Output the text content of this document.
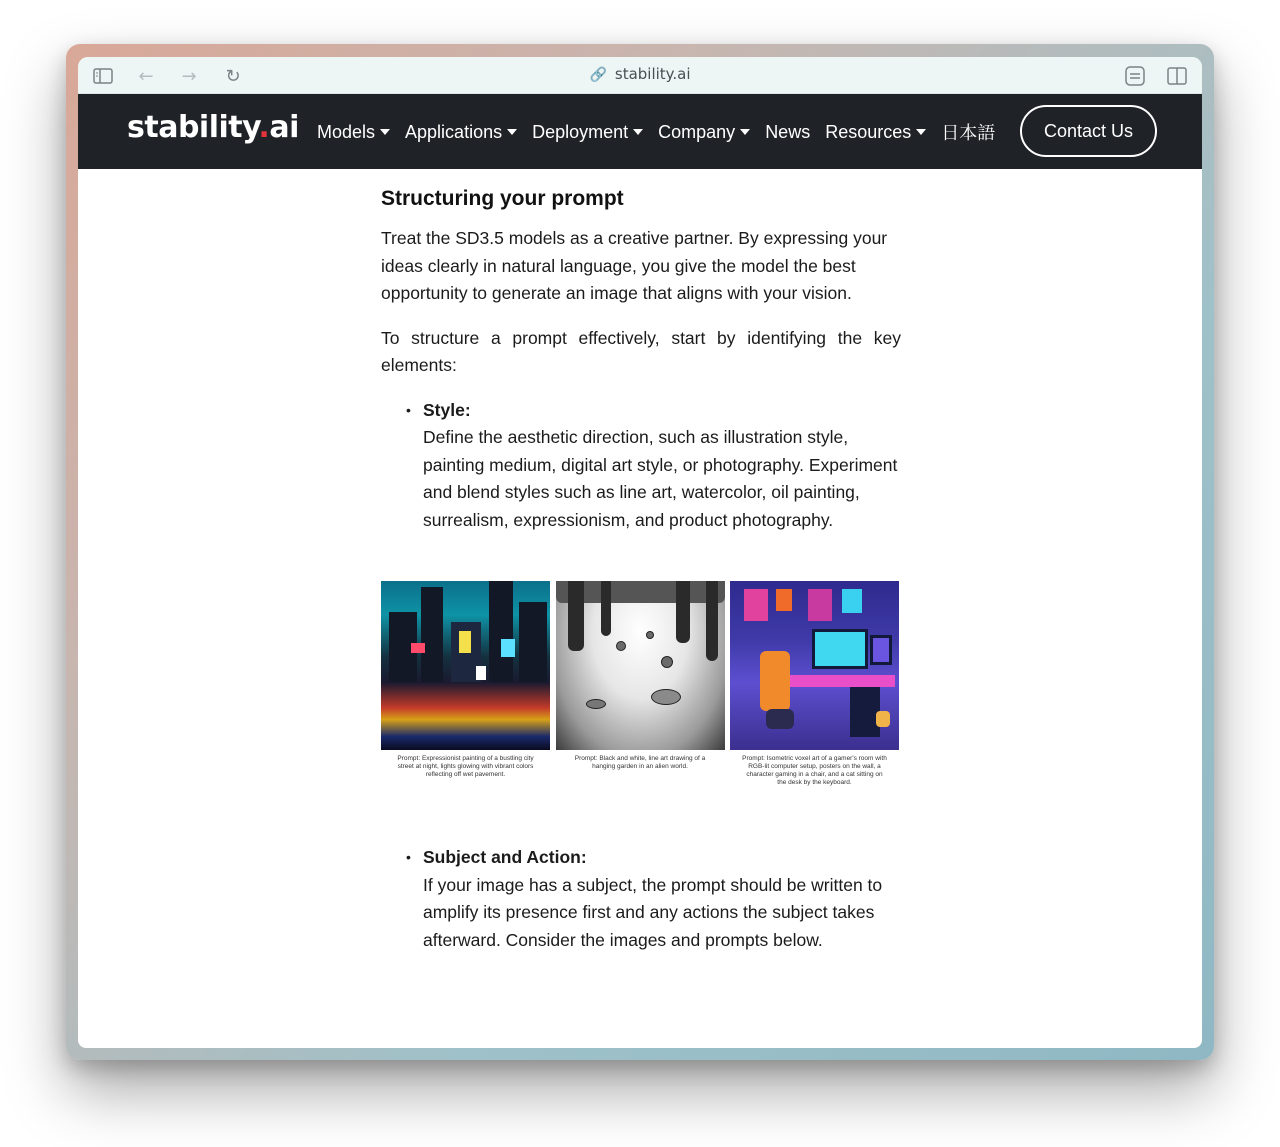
← → ↻	🔗 stability.ai
stability.ai Models Applications Deployment Company News Resources 日本語	Contact Us
Structuring your prompt

Treat the SD3.5 models as a creative partner. By expressing your ideas clearly in natural language, you give the model the best opportunity to generate an image that aligns with your vision.

To structure a prompt effectively, start by identifying the key elements:

• Style:
Define the aesthetic direction, such as illustration style, painting medium, digital art style, or photography. Experiment and blend styles such as line art, watercolor, oil painting, surrealism, expressionism, and product photography.

Prompt: Expressionist painting of a bustling city street at night, lights glowing with vibrant colors reflecting off wet pavement.

Prompt: Black and white, line art drawing of a hanging garden in an alien world.

Prompt: Isometric voxel art of a gamer's room with RGB-lit computer setup, posters on the wall, a character gaming in a chair, and a cat sitting on the desk by the keyboard.

• Subject and Action:
If your image has a subject, the prompt should be written to amplify its presence first and any actions the subject takes afterward. Consider the images and prompts below.
